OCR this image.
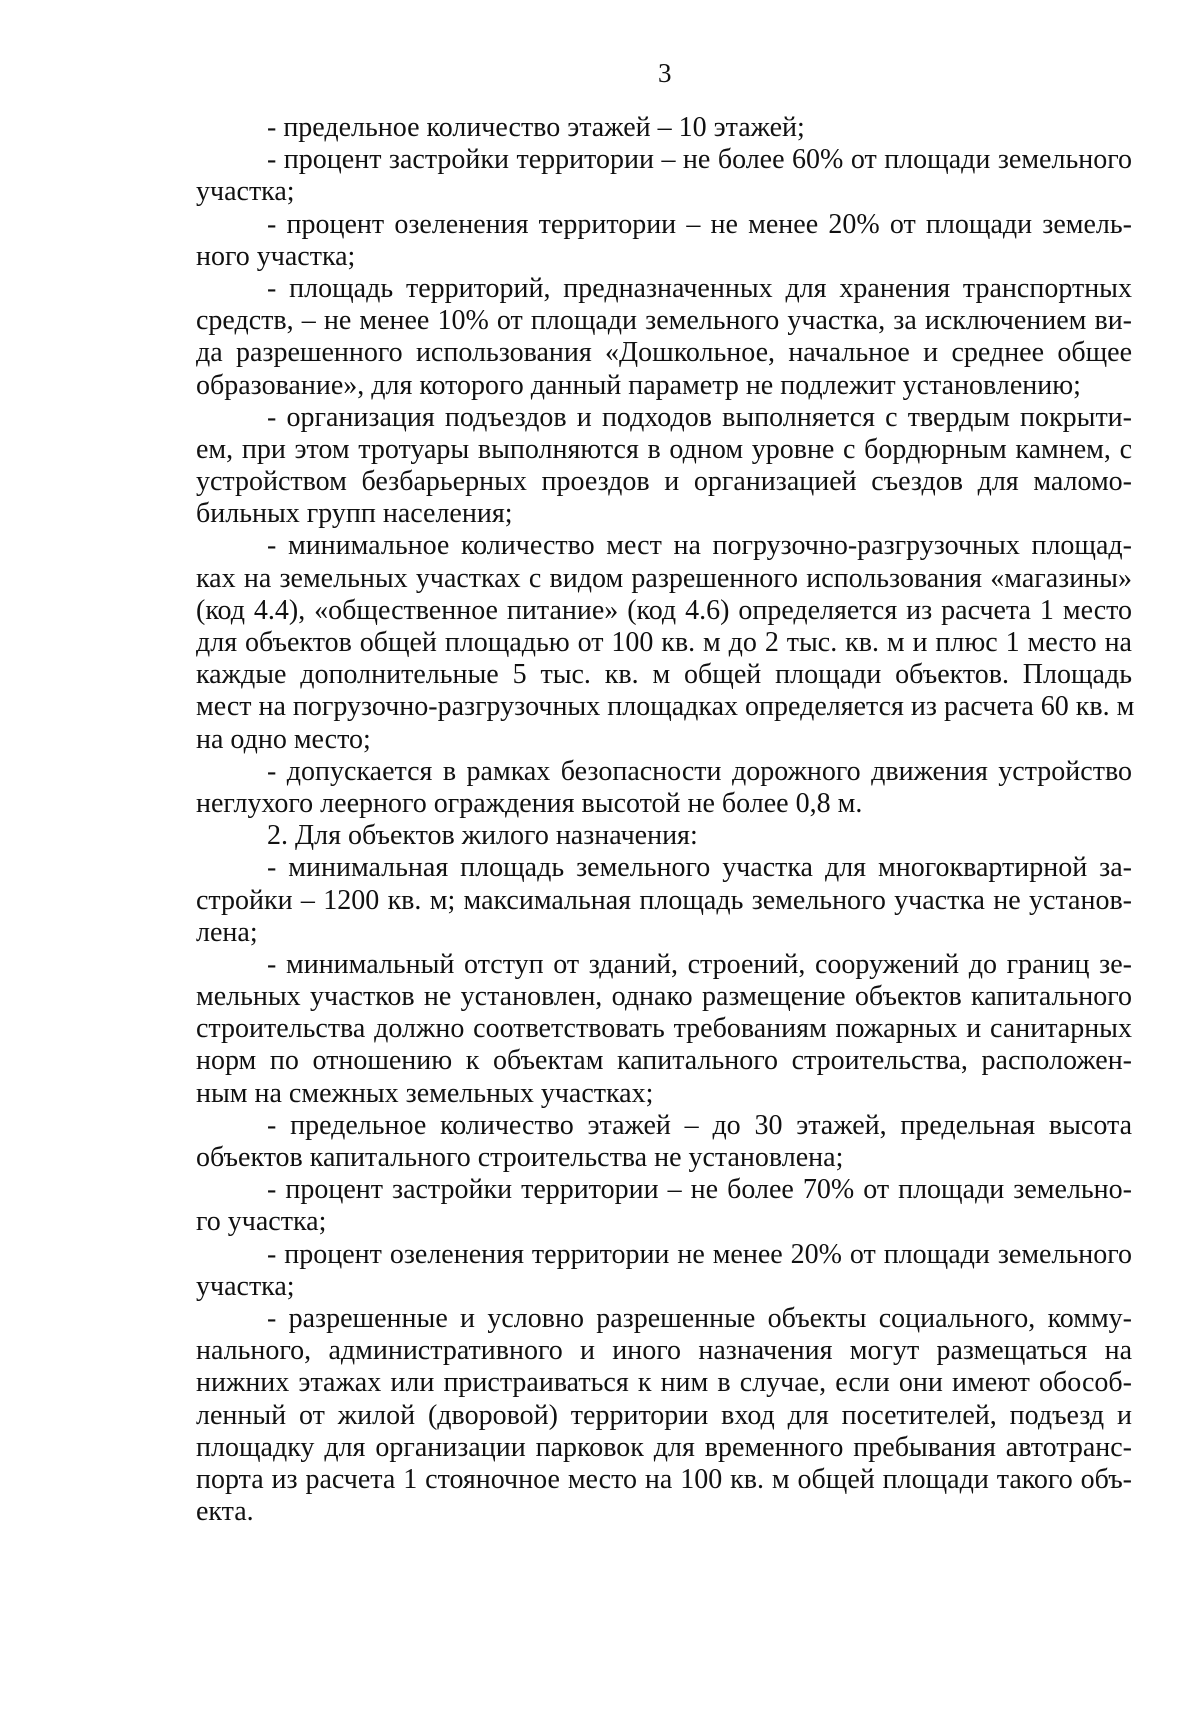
3
- предельное количество этажей – 10 этажей;
- процент застройки территории – не более 60% от площади земельного
участка;
- процент озеленения территории – не менее 20% от площади земель-
ного участка;
- площадь территорий, предназначенных для хранения транспортных
средств, – не менее 10% от площади земельного участка, за исключением ви-
да разрешенного использования «Дошкольное, начальное и среднее общее
образование», для которого данный параметр не подлежит установлению;
- организация подъездов и подходов выполняется с твердым покрыти-
ем, при этом тротуары выполняются в одном уровне с бордюрным камнем, с
устройством безбарьерных проездов и организацией съездов для маломо-
бильных групп населения;
- минимальное количество мест на погрузочно-разгрузочных площад-
ках на земельных участках с видом разрешенного использования «магазины»
(код 4.4), «общественное питание» (код 4.6) определяется из расчета 1 место
для объектов общей площадью от 100 кв. м до 2 тыс. кв. м и плюс 1 место на
каждые дополнительные 5 тыс. кв. м общей площади объектов. Площадь
мест на погрузочно-разгрузочных площадках определяется из расчета 60 кв. м
на одно место;
- допускается в рамках безопасности дорожного движения устройство
неглухого леерного ограждения высотой не более 0,8 м.
2. Для объектов жилого назначения:
- минимальная площадь земельного участка для многоквартирной за-
стройки – 1200 кв. м; максимальная площадь земельного участка не установ-
лена;
- минимальный отступ от зданий, строений, сооружений до границ зе-
мельных участков не установлен, однако размещение объектов капитального
строительства должно соответствовать требованиям пожарных и санитарных
норм по отношению к объектам капитального строительства, расположен-
ным на смежных земельных участках;
- предельное количество этажей – до 30 этажей, предельная высота
объектов капитального строительства не установлена;
- процент застройки территории – не более 70% от площади земельно-
го участка;
- процент озеленения территории не менее 20% от площади земельного
участка;
- разрешенные и условно разрешенные объекты социального, комму-
нального, административного и иного назначения могут размещаться на
нижних этажах или пристраиваться к ним в случае, если они имеют обособ-
ленный от жилой (дворовой) территории вход для посетителей, подъезд и
площадку для организации парковок для временного пребывания автотранс-
порта из расчета 1 стояночное место на 100 кв. м общей площади такого объ-
екта.
